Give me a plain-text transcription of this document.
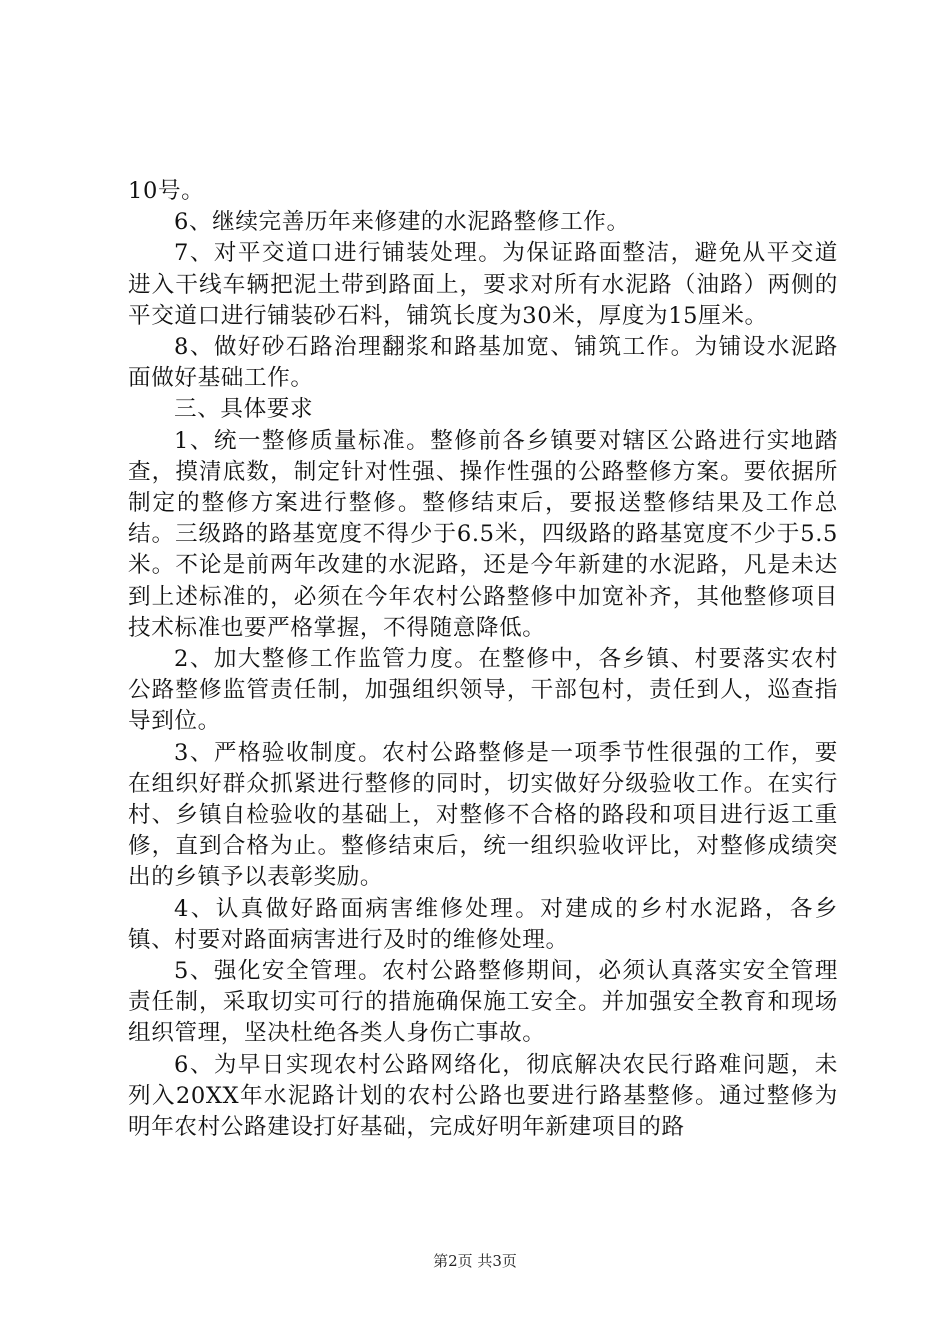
10号。

6、继续完善历年来修建的水泥路整修工作。

7、对平交道口进行铺装处理。为保证路面整洁，避免从平交道进入干线车辆把泥土带到路面上，要求对所有水泥路（油路）两侧的平交道口进行铺装砂石料，铺筑长度为30米，厚度为15厘米。

8、做好砂石路治理翻浆和路基加宽、铺筑工作。为铺设水泥路面做好基础工作。

三、具体要求

1、统一整修质量标准。整修前各乡镇要对辖区公路进行实地踏查，摸清底数，制定针对性强、操作性强的公路整修方案。要依据所制定的整修方案进行整修。整修结束后，要报送整修结果及工作总结。三级路的路基宽度不得少于6.5米，四级路的路基宽度不少于5.5米。不论是前两年改建的水泥路，还是今年新建的水泥路，凡是未达到上述标准的，必须在今年农村公路整修中加宽补齐，其他整修项目技术标准也要严格掌握，不得随意降低。

2、加大整修工作监管力度。在整修中，各乡镇、村要落实农村公路整修监管责任制，加强组织领导，干部包村，责任到人，巡查指导到位。

3、严格验收制度。农村公路整修是一项季节性很强的工作，要在组织好群众抓紧进行整修的同时，切实做好分级验收工作。在实行村、乡镇自检验收的基础上，对整修不合格的路段和项目进行返工重修，直到合格为止。整修结束后，统一组织验收评比，对整修成绩突出的乡镇予以表彰奖励。

4、认真做好路面病害维修处理。对建成的乡村水泥路，各乡镇、村要对路面病害进行及时的维修处理。

5、强化安全管理。农村公路整修期间，必须认真落实安全管理责任制，采取切实可行的措施确保施工安全。并加强安全教育和现场组织管理，坚决杜绝各类人身伤亡事故。

6、为早日实现农村公路网络化，彻底解决农民行路难问题，未列入20XX年水泥路计划的农村公路也要进行路基整修。通过整修为明年农村公路建设打好基础，完成好明年新建项目的路

第2页 共3页
